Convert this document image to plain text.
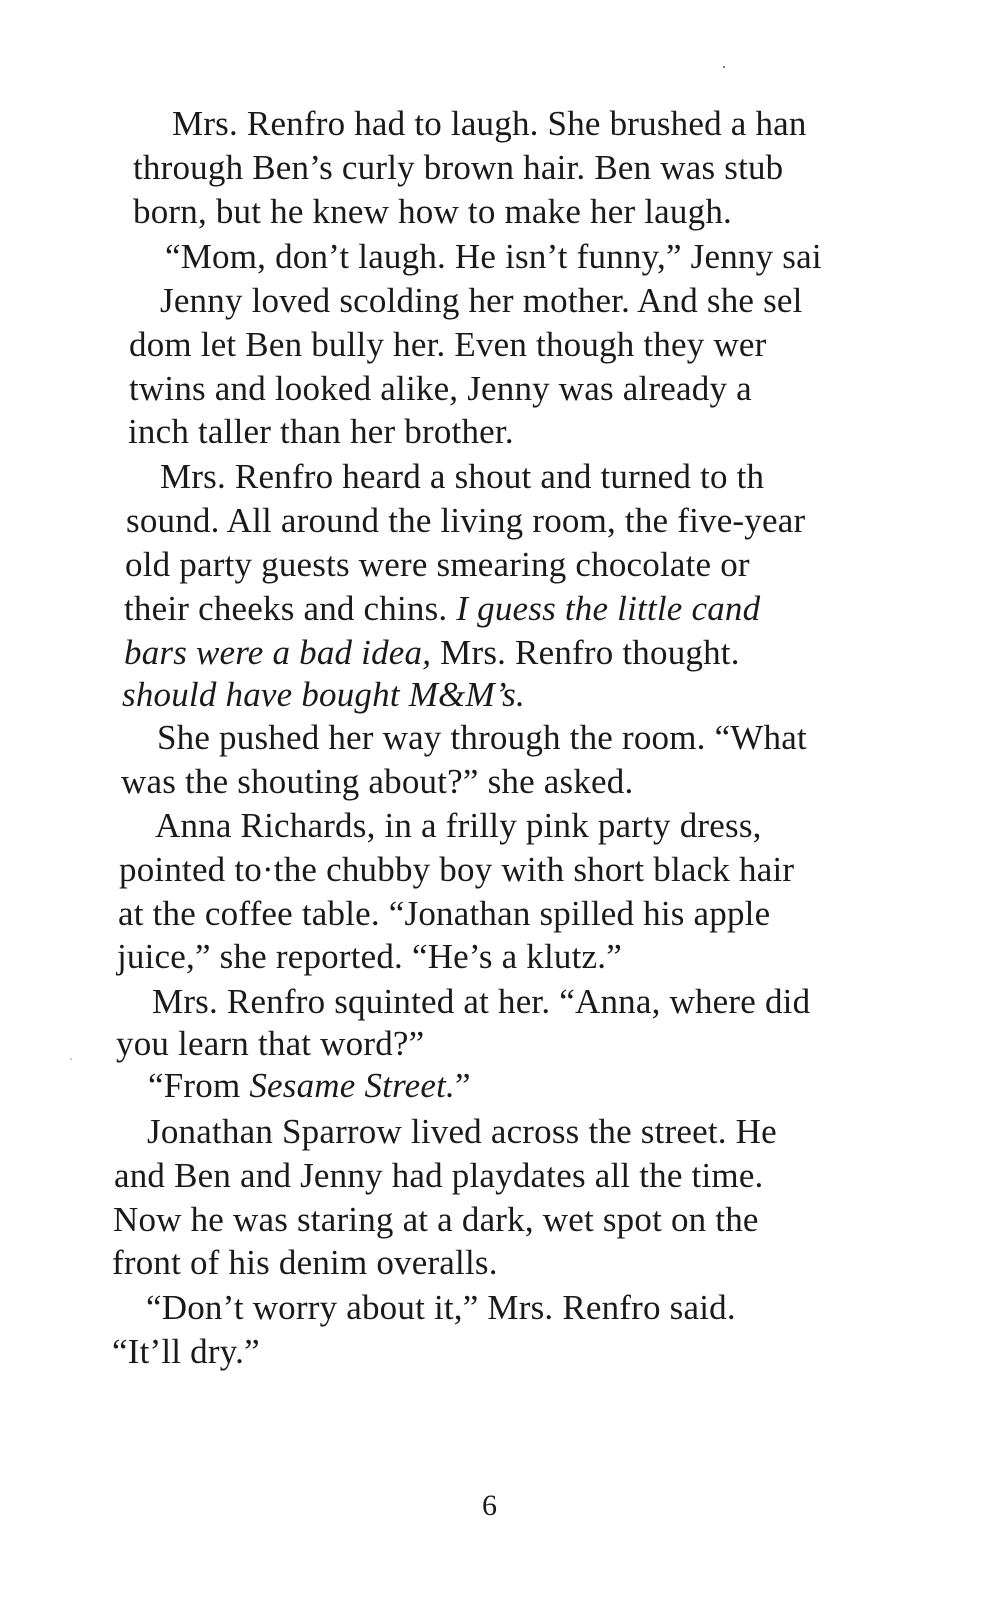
Mrs. Renfro had to laugh. She brushed a han
through Ben’s curly brown hair. Ben was stub
born, but he knew how to make her laugh.
“Mom, don’t laugh. He isn’t funny,” Jenny sai
Jenny loved scolding her mother. And she sel
dom let Ben bully her. Even though they wer
twins and looked alike, Jenny was already a
inch taller than her brother.
Mrs. Renfro heard a shout and turned to th
sound. All around the living room, the five-year
old party guests were smearing chocolate or
their cheeks and chins. I guess the little cand
bars were a bad idea, Mrs. Renfro thought.
should have bought M&M’s.
She pushed her way through the room. “What
was the shouting about?” she asked.
Anna Richards, in a frilly pink party dress,
pointed to·the chubby boy with short black hair
at the coffee table. “Jonathan spilled his apple
juice,” she reported. “He’s a klutz.”
Mrs. Renfro squinted at her. “Anna, where did
you learn that word?”
“From Sesame Street.”
Jonathan Sparrow lived across the street. He
and Ben and Jenny had playdates all the time.
Now he was staring at a dark, wet spot on the
front of his denim overalls.
“Don’t worry about it,” Mrs. Renfro said.
“It’ll dry.”
6
